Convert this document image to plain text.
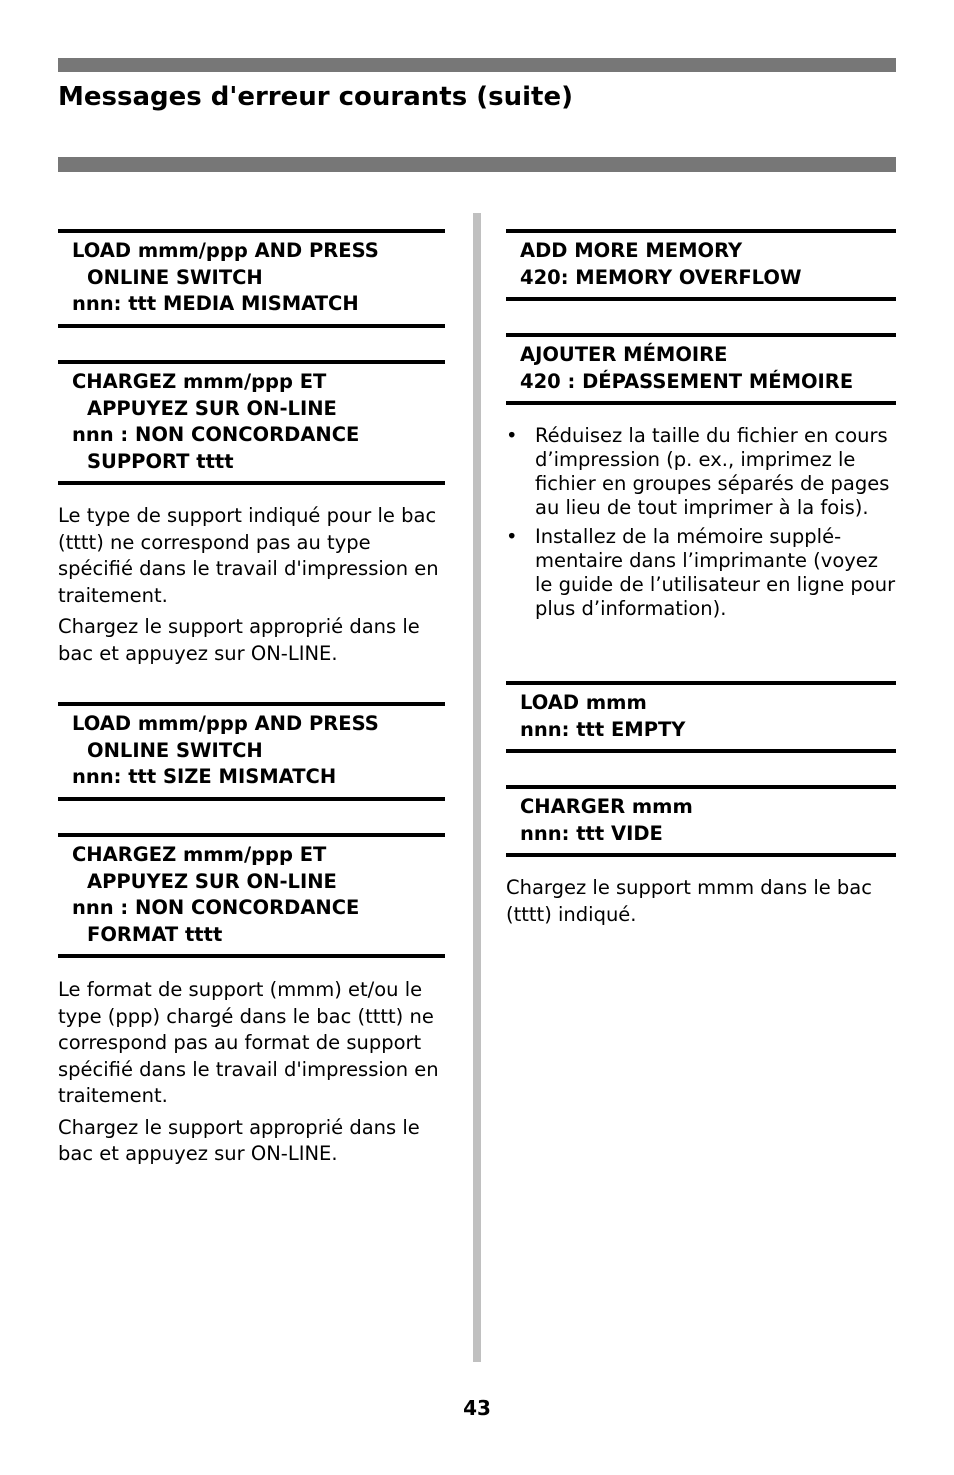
Messages d'erreur courants (suite)
LOAD mmm/ppp AND PRESS
ONLINE SWITCH
nnn: ttt MEDIA MISMATCH
CHARGEZ mmm/ppp ET
APPUYEZ SUR ON-LINE
nnn : NON CONCORDANCE
SUPPORT tttt

Le type de support indiqué pour le bac (tttt) ne correspond pas au type spécifié dans le travail d'impression en traitement.

Chargez le support approprié dans le bac et appuyez sur ON-LINE.

LOAD mmm/ppp AND PRESS
ONLINE SWITCH
nnn: ttt SIZE MISMATCH
CHARGEZ mmm/ppp ET
APPUYEZ SUR ON-LINE
nnn : NON CONCORDANCE
FORMAT tttt

Le format de support (mmm) et/ou le type (ppp) chargé dans le bac (tttt) ne correspond pas au format de support spécifié dans le travail d'impression en traitement.

Chargez le support approprié dans le bac et appuyez sur ON-LINE.

ADD MORE MEMORY
420: MEMORY OVERFLOW
AJOUTER MÉMOIRE
420 : DÉPASSEMENT MÉMOIRE
• Réduisez la taille du fichier en cours d’impression (p. ex., imprimez le fichier en groupes séparés de pages au lieu de tout imprimer à la fois).
• Installez de la mémoire supplé-mentaire dans l’imprimante (voyez le guide de l’utilisateur en ligne pour plus d’information).
LOAD mmm
nnn: ttt EMPTY
CHARGER mmm
nnn: ttt VIDE

Chargez le support mmm dans le bac (tttt) indiqué.

43
